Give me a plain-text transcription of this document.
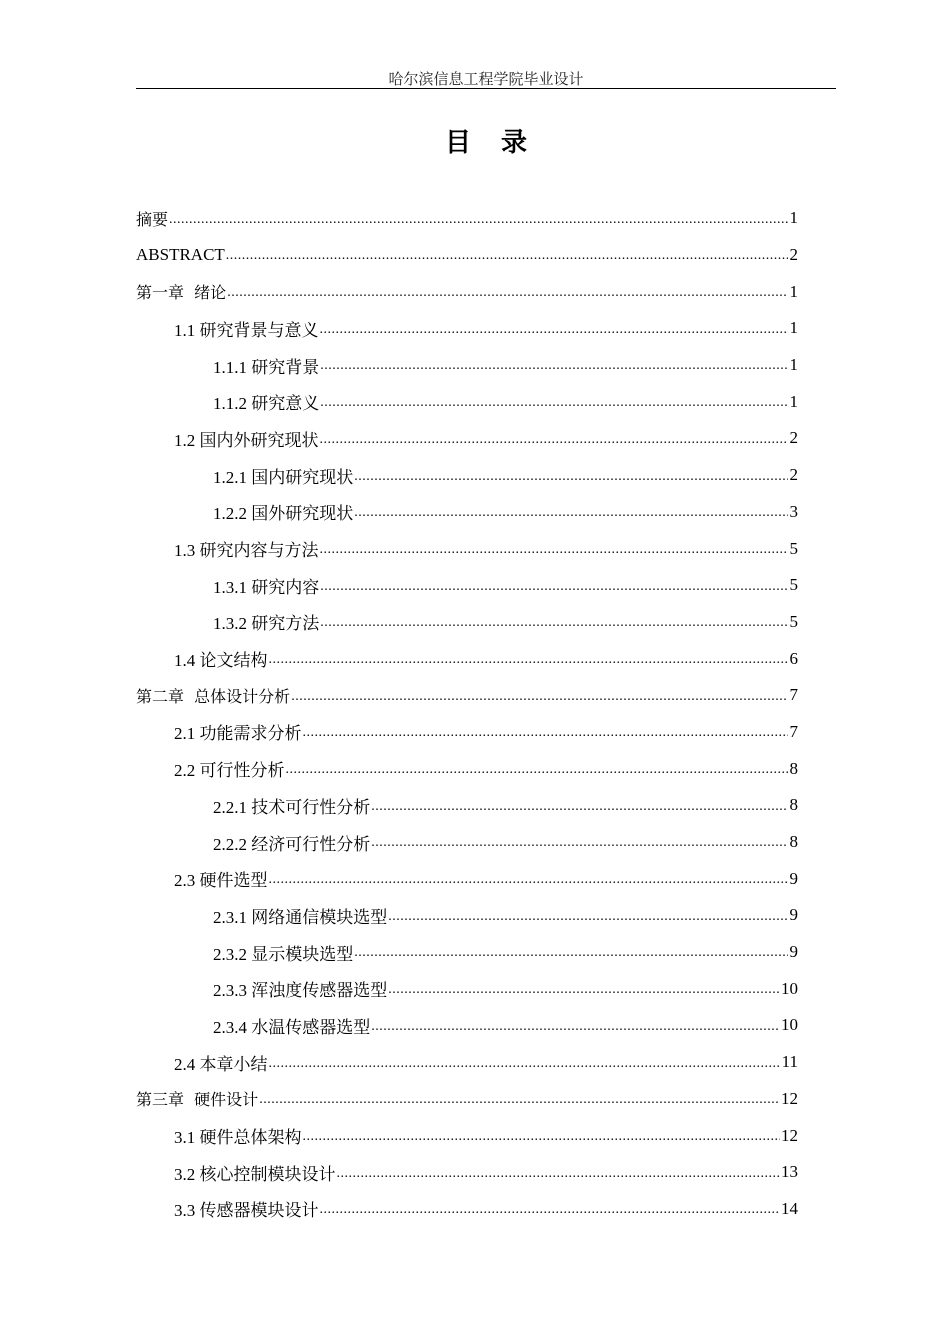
哈尔滨信息工程学院毕业设计
目录
摘要 .....	1
ABSTRACT .....	2
第一章  绪论 .....	1
1.1 研究背景与意义 .....	1
1.1.1 研究背景 .....	1
1.1.2 研究意义 .....	1
1.2 国内外研究现状 .....	2
1.2.1 国内研究现状 .....	2
1.2.2 国外研究现状 .....	3
1.3 研究内容与方法 .....	5
1.3.1 研究内容 .....	5
1.3.2 研究方法 .....	5
1.4 论文结构 .....	6
第二章  总体设计分析 .....	7
2.1 功能需求分析 .....	7
2.2 可行性分析 .....	8
2.2.1 技术可行性分析 .....	8
2.2.2 经济可行性分析 .....	8
2.3 硬件选型 .....	9
2.3.1 网络通信模块选型 .....	9
2.3.2 显示模块选型 .....	9
2.3.3 浑浊度传感器选型 .....	10
2.3.4 水温传感器选型 .....	10
2.4 本章小结 .....	11
第三章  硬件设计 .....	12
3.1 硬件总体架构 .....	12
3.2 核心控制模块设计 .....	13
3.3 传感器模块设计 .....	14
